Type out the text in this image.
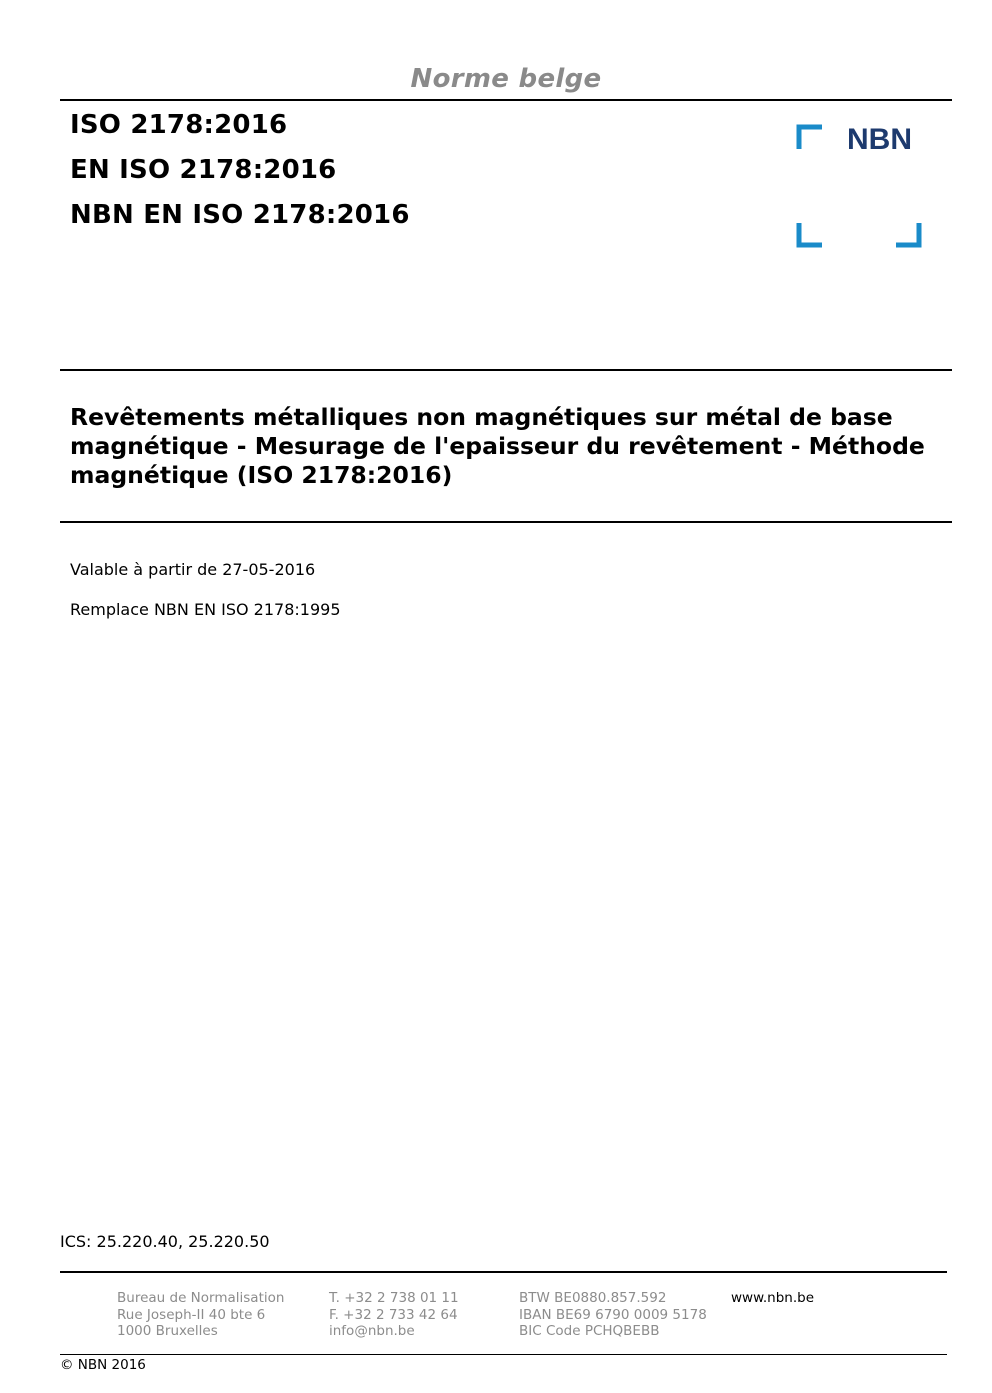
Norme belge
ISO 2178:2016
EN ISO 2178:2016
NBN EN ISO 2178:2016
NBN
Revêtements métalliques non magnétiques sur métal de base
magnétique - Mesurage de l'epaisseur du revêtement - Méthode
magnétique (ISO 2178:2016)
Valable à partir de 27-05-2016
Remplace NBN EN ISO 2178:1995
ICS: 25.220.40, 25.220.50
Bureau de Normalisation
Rue Joseph-II 40 bte 6
1000 Bruxelles
T. +32 2 738 01 11
F. +32 2 733 42 64
info@nbn.be
BTW BE0880.857.592
IBAN BE69 6790 0009 5178
BIC Code PCHQBEBB
www.nbn.be
© NBN 2016
